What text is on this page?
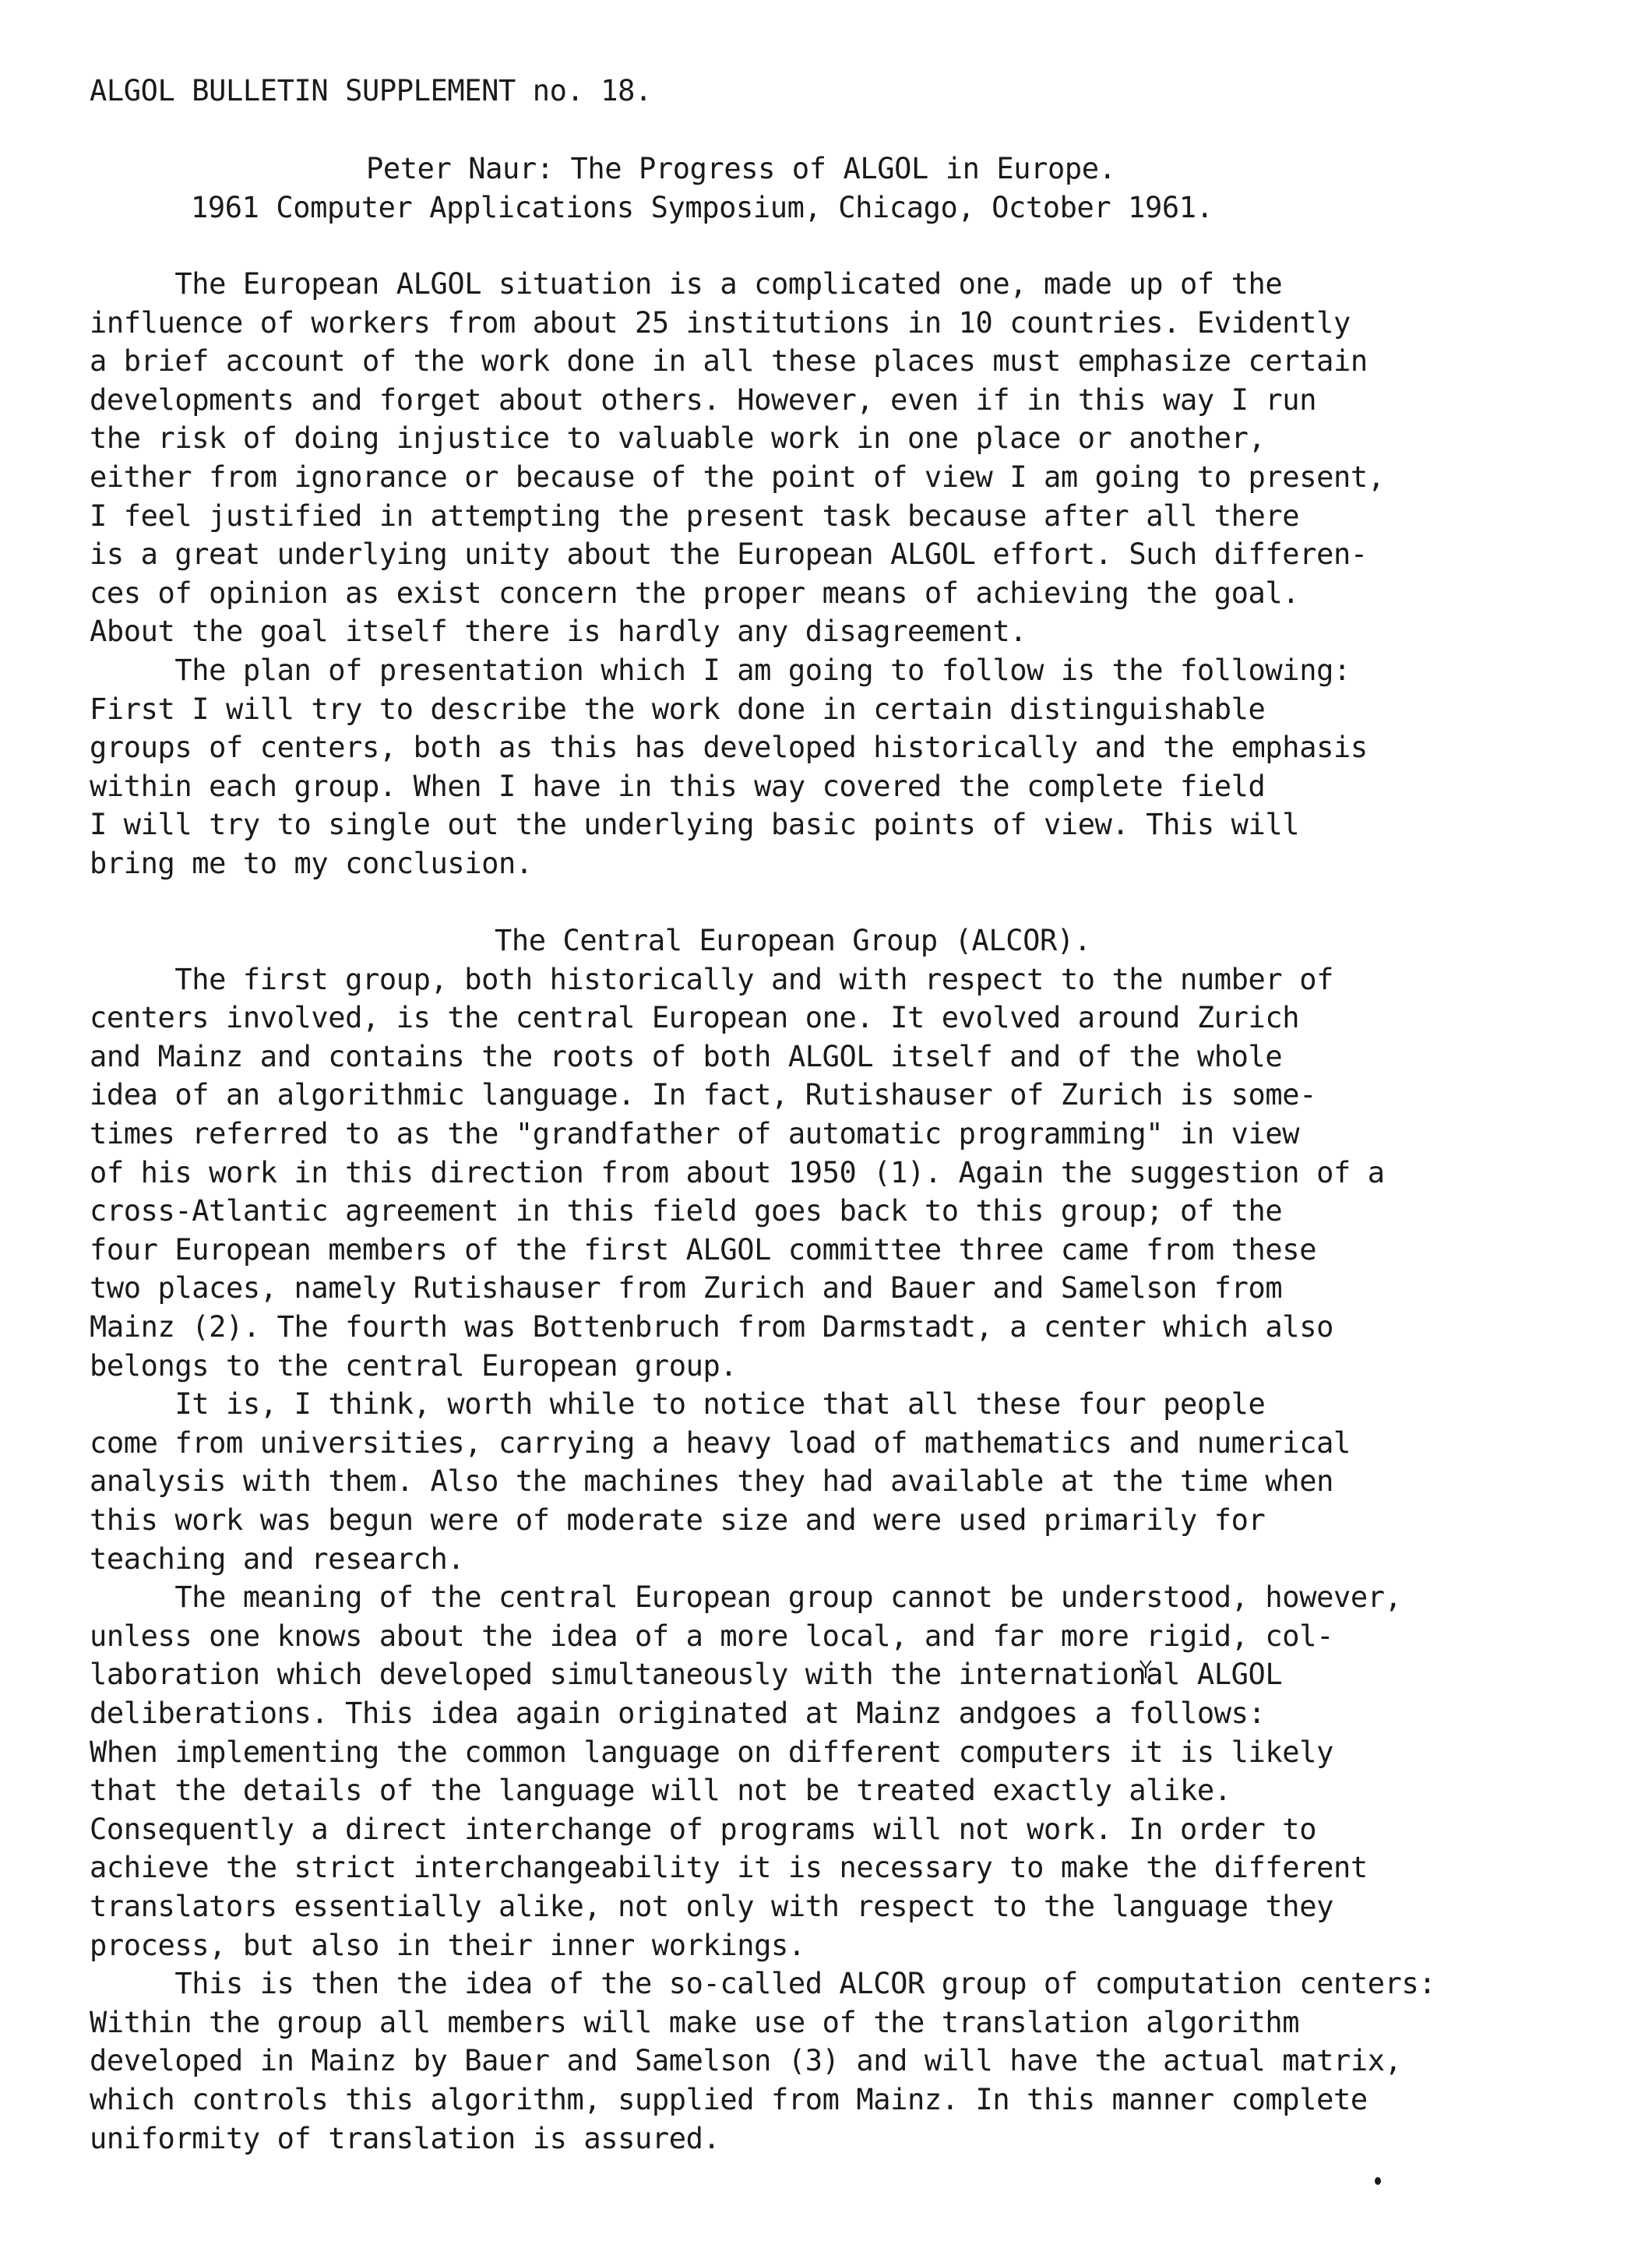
ALGOL BULLETIN SUPPLEMENT no. 18.
Peter Naur: The Progress of ALGOL in Europe.
1961 Computer Applications Symposium, Chicago, October 1961.
The European ALGOL situation is a complicated one, made up of the
influence of workers from about 25 institutions in 10 countries. Evidently
a brief account of the work done in all these places must emphasize certain
developments and forget about others. However, even if in this way I run
the risk of doing injustice to valuable work in one place or another,
either from ignorance or because of the point of view I am going to present,
I feel justified in attempting the present task because after all there
is a great underlying unity about the European ALGOL effort. Such differen-
ces of opinion as exist concern the proper means of achieving the goal.
About the goal itself there is hardly any disagreement.
The plan of presentation which I am going to follow is the following:
First I will try to describe the work done in certain distinguishable
groups of centers, both as this has developed historically and the emphasis
within each group. When I have in this way covered the complete field
I will try to single out the underlying basic points of view. This will
bring me to my conclusion.
The Central European Group (ALCOR).
The first group, both historically and with respect to the number of
centers involved, is the central European one. It evolved around Zurich
and Mainz and contains the roots of both ALGOL itself and of the whole
idea of an algorithmic language. In fact, Rutishauser of Zurich is some-
times referred to as the "grandfather of automatic programming" in view
of his work in this direction from about 1950 (1). Again the suggestion of a
cross-Atlantic agreement in this field goes back to this group; of the
four European members of the first ALGOL committee three came from these
two places, namely Rutishauser from Zurich and Bauer and Samelson from
Mainz (2). The fourth was Bottenbruch from Darmstadt, a center which also
belongs to the central European group.
It is, I think, worth while to notice that all these four people
come from universities, carrying a heavy load of mathematics and numerical
analysis with them. Also the machines they had available at the time when
this work was begun were of moderate size and were used primarily for
teaching and research.
The meaning of the central European group cannot be understood, however,
unless one knows about the idea of a more local, and far more rigid, col-
laboration which developed simultaneously with the international ALGOL
deliberations. This idea again originated at Mainz andgoes a follows:
When implementing the common language on different computers it is likely
that the details of the language will not be treated exactly alike.
Consequently a direct interchange of programs will not work. In order to
achieve the strict interchangeability it is necessary to make the different
translators essentially alike, not only with respect to the language they
process, but also in their inner workings.
This is then the idea of the so-called ALCOR group of computation centers:
Within the group all members will make use of the translation algorithm
developed in Mainz by Bauer and Samelson (3) and will have the actual matrix,
which controls this algorithm, supplied from Mainz. In this manner complete
uniformity of translation is assured.
